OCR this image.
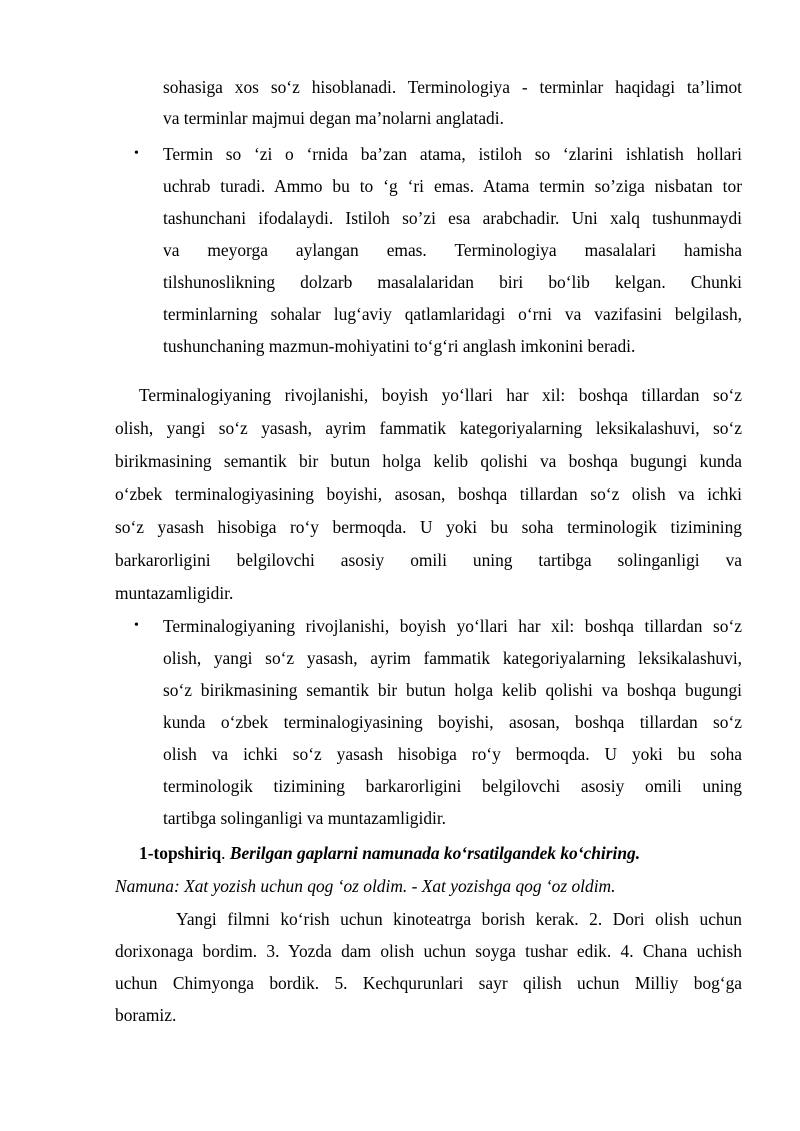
sohasiga xos so‘z hisoblanadi. Terminologiya - terminlar haqidagi ta’limot
va terminlar majmui degan ma’nolarni anglatadi.
• Termin so ‘zi o ‘rnida ba’zan atama, istiloh so ‘zlarini ishlatish hollari
uchrab turadi. Ammo bu to ‘g ‘ri emas. Atama termin so’ziga nisbatan tor
tashunchani ifodalaydi. Istiloh so’zi esa arabchadir. Uni xalq tushunmaydi
va meyorga aylangan emas. Terminologiya masalalari hamisha
tilshunoslikning dolzarb masalalaridan biri bo‘lib kelgan. Chunki
terminlarning sohalar lug‘aviy qatlamlaridagi o‘rni va vazifasini belgilash,
tushunchaning mazmun-mohiyatini to‘g‘ri anglash imkonini beradi.
Terminalogiyaning rivojlanishi, boyish yo‘llari har xil: boshqa tillardan so‘z
olish, yangi so‘z yasash, ayrim fammatik kategoriyalarning leksikalashuvi, so‘z
birikmasining semantik bir butun holga kelib qolishi va boshqa bugungi kunda
o‘zbek terminalogiyasining boyishi, asosan, boshqa tillardan so‘z olish va ichki
so‘z yasash hisobiga ro‘y bermoqda. U yoki bu soha terminologik tizimining
barkarorligini belgilovchi asosiy omili uning tartibga solinganligi va
muntazamligidir.
• Terminalogiyaning rivojlanishi, boyish yo‘llari har xil: boshqa tillardan so‘z
olish, yangi so‘z yasash, ayrim fammatik kategoriyalarning leksikalashuvi,
so‘z birikmasining semantik bir butun holga kelib qolishi va boshqa bugungi
kunda o‘zbek terminalogiyasining boyishi, asosan, boshqa tillardan so‘z
olish va ichki so‘z yasash hisobiga ro‘y bermoqda. U yoki bu soha
terminologik tizimining barkarorligini belgilovchi asosiy omili uning
tartibga solinganligi va muntazamligidir.
1-topshiriq. Berilgan gaplarni namunada ko‘rsatilgandek ko‘chiring.
Namuna: Xat yozish uchun qog ‘oz oldim. - Xat yozishga qog ‘oz oldim.
Yangi filmni ko‘rish uchun kinoteatrga borish kerak. 2. Dori olish uchun
dorixonaga bordim. 3. Yozda dam olish uchun soyga tushar edik. 4. Chana uchish
uchun Chimyonga bordik. 5. Kechqurunlari sayr qilish uchun Milliy bog‘ga
boramiz.
